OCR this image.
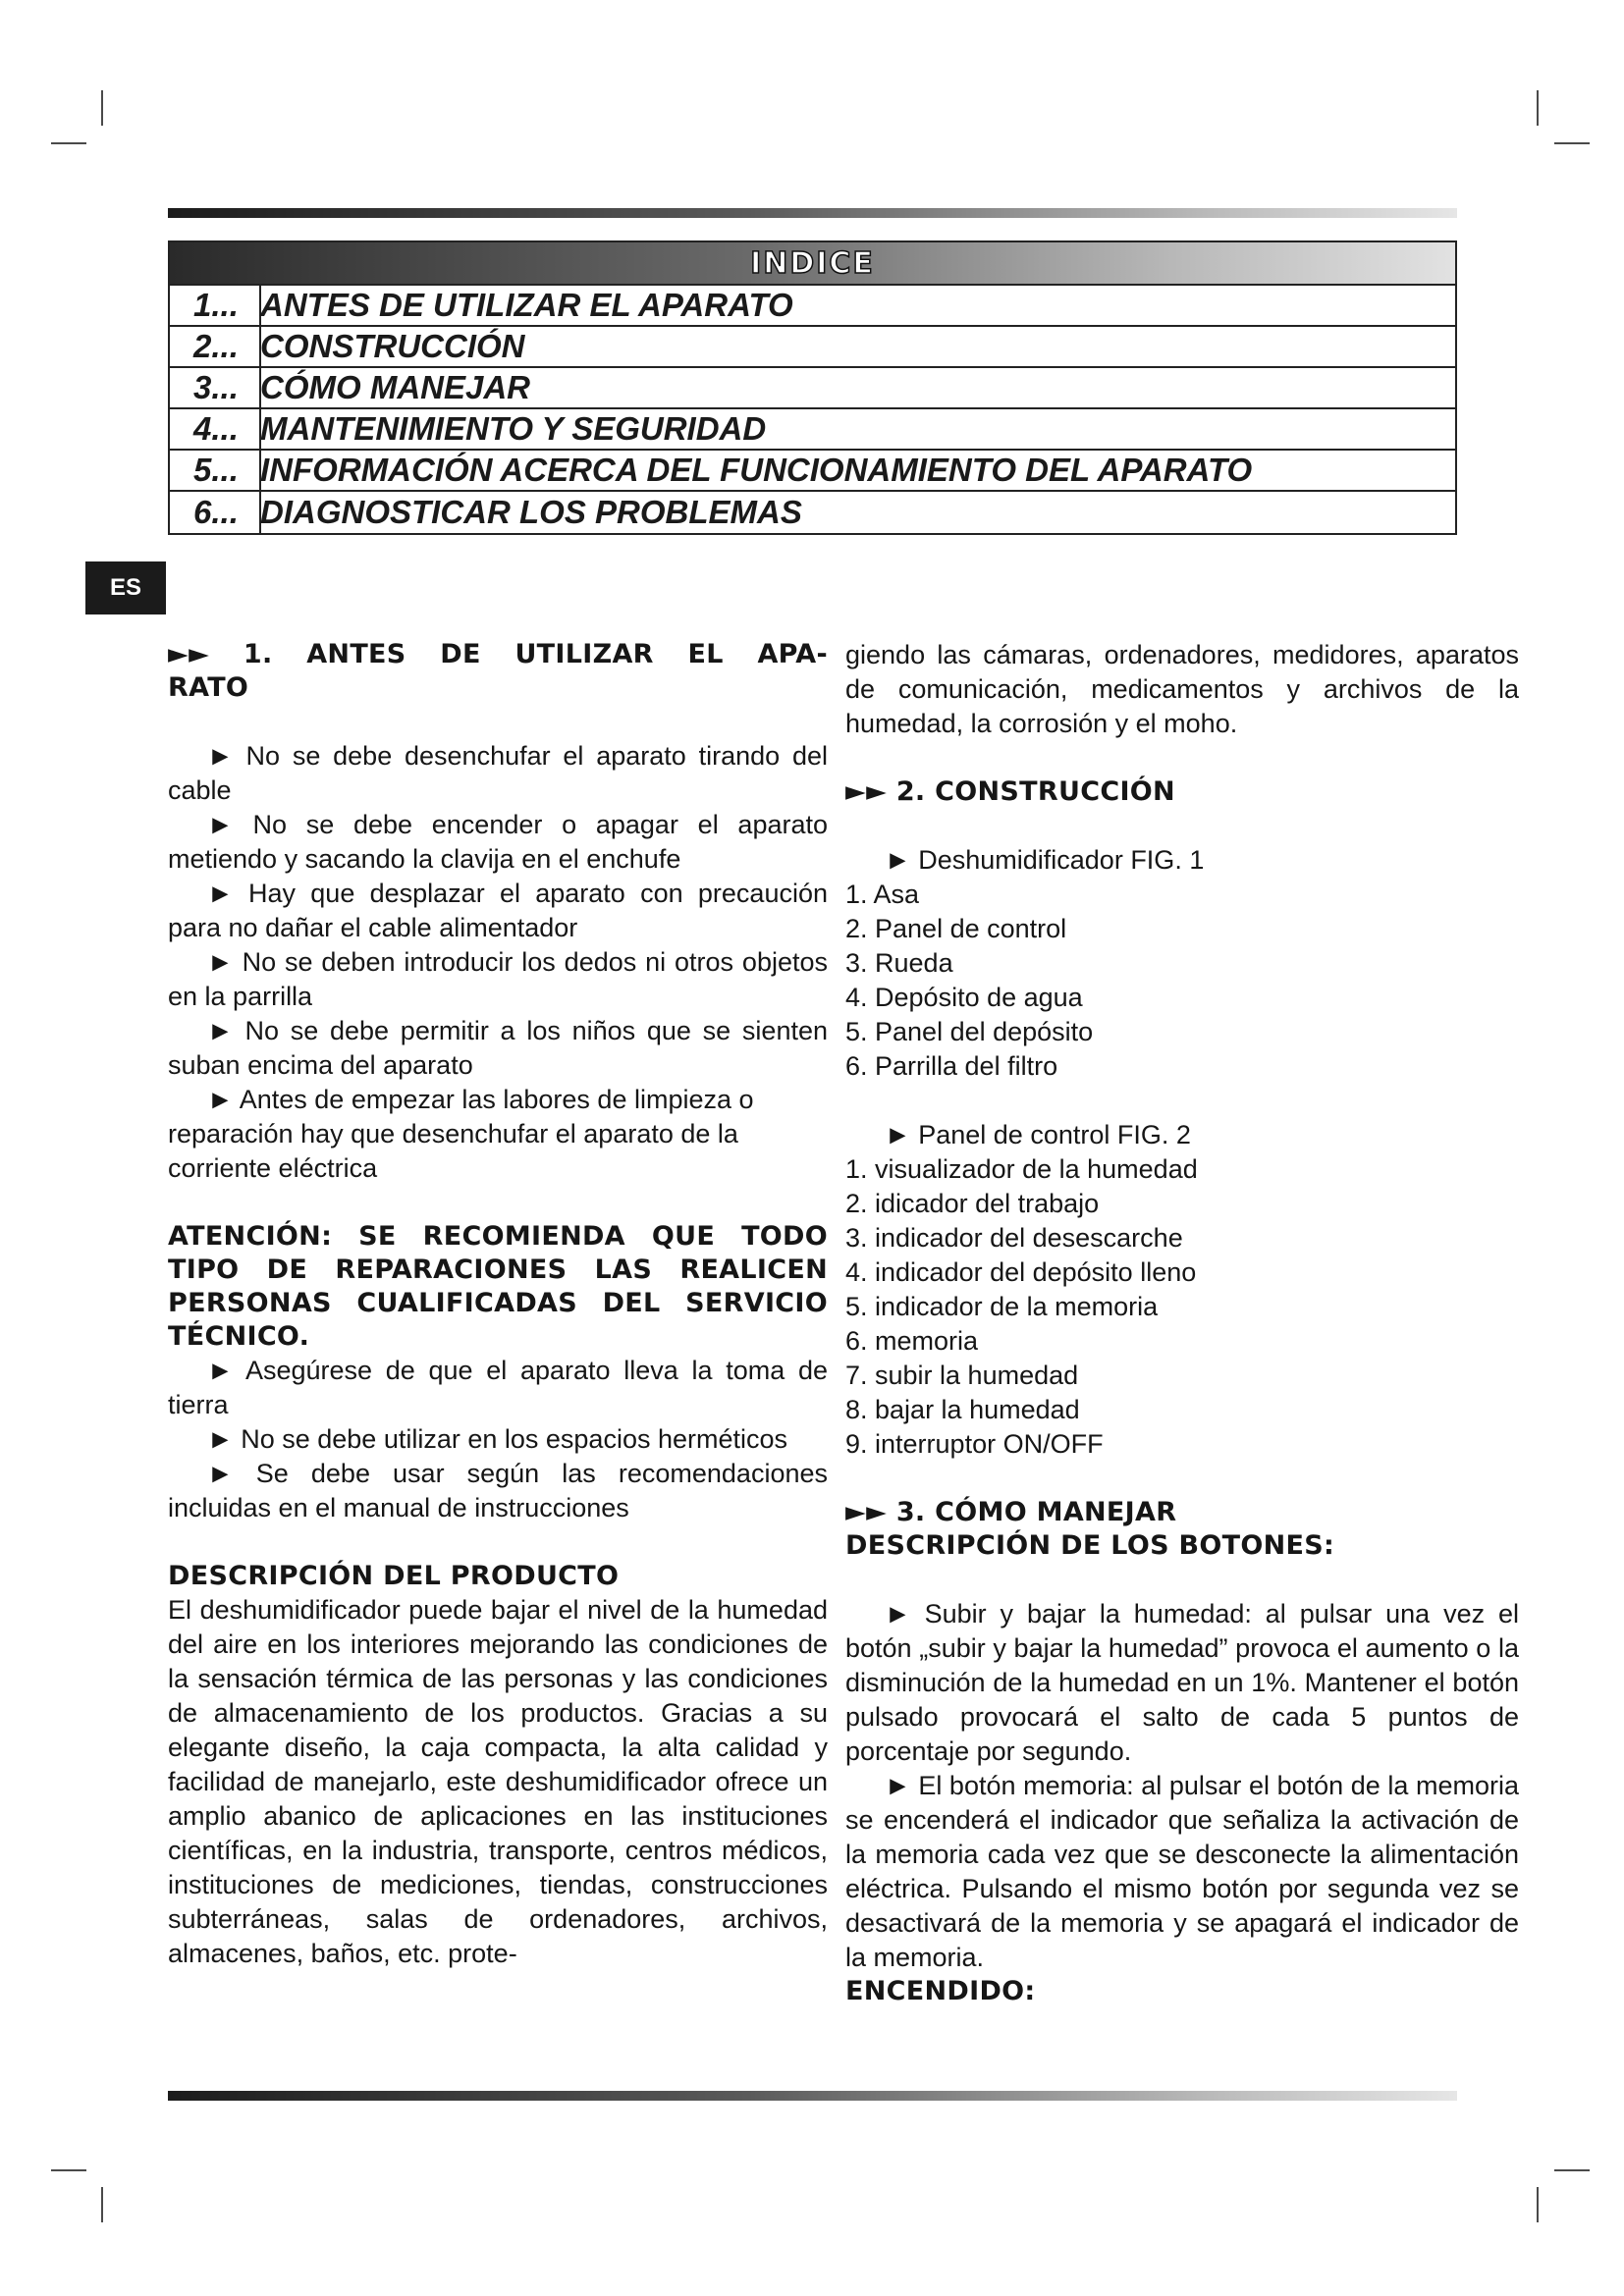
INDICE
1... ANTES DE UTILIZAR EL APARATO
2... CONSTRUCCIÓN
3... CÓMO MANEJAR
4... MANTENIMIENTO Y SEGURIDAD
5... INFORMACIÓN ACERCA DEL FUNCIONAMIENTO DEL APARATO
6... DIAGNOSTICAR LOS PROBLEMAS
ES

►► 1. ANTES DE UTILIZAR EL APA-

RATO

► No se debe desenchufar el aparato tirando del cable

► No se debe encender o apagar el aparato metiendo y sacando la clavija en el enchufe

► Hay que desplazar el aparato con precaución para no dañar el cable alimentador

► No se deben introducir los dedos ni otros objetos en la parrilla

► No se debe permitir a los niños que se sienten suban encima del aparato

► Antes de empezar las labores de limpieza o reparación hay que desenchufar el aparato de la corriente eléctrica

ATENCIÓN: SE RECOMIENDA QUE TODO TIPO DE REPARACIONES LAS REALICEN PERSONAS CUALIFICADAS DEL SERVICIO TÉCNICO.

► Asegúrese de que el aparato lleva la toma de tierra

► No se debe utilizar en los espacios herméticos

► Se debe usar según las recomendaciones incluidas en el manual de instrucciones

DESCRIPCIÓN DEL PRODUCTO

El deshumidificador puede bajar el nivel de la humedad del aire en los interiores mejorando las condiciones de la sensación térmica de las personas y las condiciones de almacenamiento de los productos. Gracias a su elegante diseño, la caja compacta, la alta calidad y facilidad de manejarlo, este deshumidificador ofrece un amplio abanico de aplicaciones en las instituciones científicas, en la industria, transporte, centros médicos, instituciones de mediciones, tiendas, construcciones subterráneas, salas de ordenadores, archivos, almacenes, baños, etc. prote-

giendo las cámaras, ordenadores, medidores, aparatos de comunicación, medicamentos y archivos de la humedad, la corrosión y el moho.

►► 2. CONSTRUCCIÓN

► Deshumidificador FIG. 1

1. Asa
2. Panel de control
3. Rueda
4. Depósito de agua
5. Panel del depósito
6. Parrilla del filtro

► Panel de control FIG. 2

1. visualizador de la humedad
2. idicador del trabajo
3. indicador del desescarche
4. indicador del depósito lleno
5. indicador de la memoria
6. memoria
7. subir la humedad
8. bajar la humedad
9. interruptor ON/OFF

►► 3. CÓMO MANEJAR

DESCRIPCIÓN DE LOS BOTONES:

► Subir y bajar la humedad: al pulsar una vez el botón „subir y bajar la humedad” provoca el aumento o la disminución de la humedad en un 1%. Mantener el botón pulsado provocará el salto de cada 5 puntos de porcentaje por segundo.

► El botón memoria: al pulsar el botón de la memoria se encenderá el indicador que señaliza la activación de la memoria cada vez que se desconecte la alimentación eléctrica. Pulsando el mismo botón por segunda vez se desactivará de la memoria y se apagará el indicador de la memoria.

ENCENDIDO:
